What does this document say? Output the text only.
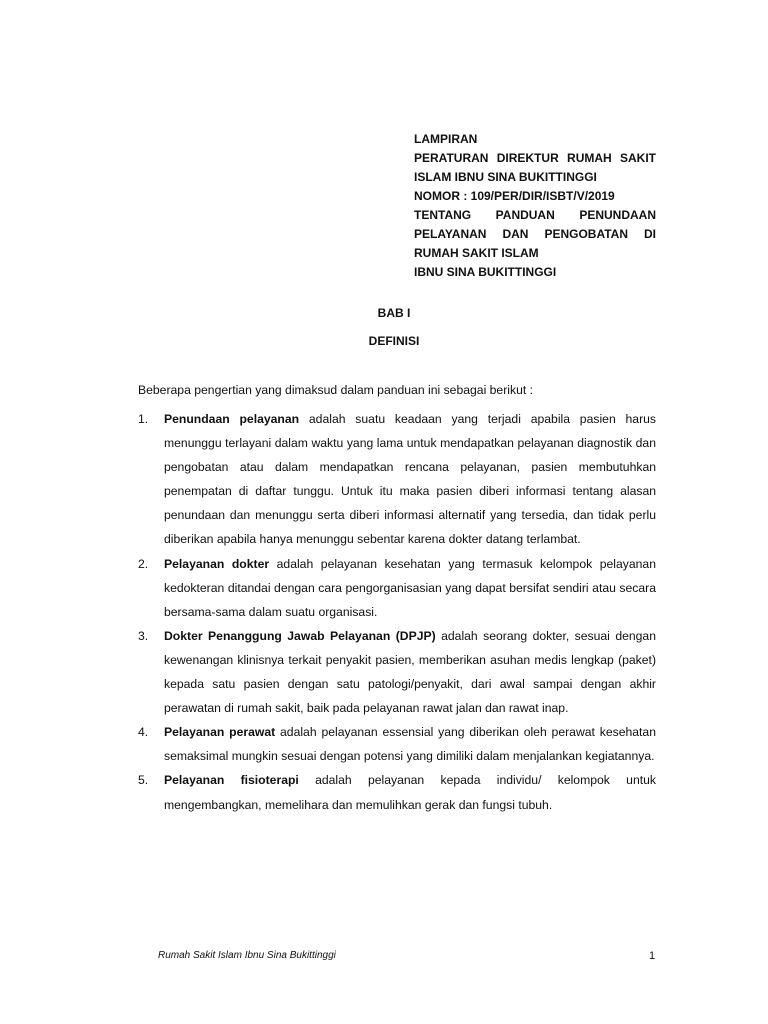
LAMPIRAN
PERATURAN DIREKTUR RUMAH SAKIT
ISLAM IBNU SINA BUKITTINGGI
NOMOR : 109/PER/DIR/ISBT/V/2019
TENTANG PANDUAN PENUNDAAN
PELAYANAN DAN PENGOBATAN DI
RUMAH SAKIT ISLAM
IBNU SINA BUKITTINGGI
BAB I
DEFINISI
Beberapa pengertian yang dimaksud dalam panduan ini sebagai berikut :
1. Penundaan pelayanan adalah suatu keadaan yang terjadi apabila pasien harus menunggu terlayani dalam waktu yang lama untuk mendapatkan pelayanan diagnostik dan pengobatan atau dalam mendapatkan rencana pelayanan, pasien membutuhkan penempatan di daftar tunggu. Untuk itu maka pasien diberi informasi tentang alasan penundaan dan menunggu serta diberi informasi alternatif yang tersedia, dan tidak perlu diberikan apabila hanya menunggu sebentar karena dokter datang terlambat.
2. Pelayanan dokter adalah pelayanan kesehatan yang termasuk kelompok pelayanan kedokteran ditandai dengan cara pengorganisasian yang dapat bersifat sendiri atau secara bersama-sama dalam suatu organisasi.
3. Dokter Penanggung Jawab Pelayanan (DPJP) adalah seorang dokter, sesuai dengan kewenangan klinisnya terkait penyakit pasien, memberikan asuhan medis lengkap (paket) kepada satu pasien dengan satu patologi/penyakit, dari awal sampai dengan akhir perawatan di rumah sakit, baik pada pelayanan rawat jalan dan rawat inap.
4. Pelayanan perawat adalah pelayanan essensial yang diberikan oleh perawat kesehatan semaksimal mungkin sesuai dengan potensi yang dimiliki dalam menjalankan kegiatannya.
5. Pelayanan fisioterapi adalah pelayanan kepada individu/ kelompok untuk mengembangkan, memelihara dan memulihkan gerak dan fungsi tubuh.
Rumah Sakit Islam Ibnu Sina Bukittinggi	1
